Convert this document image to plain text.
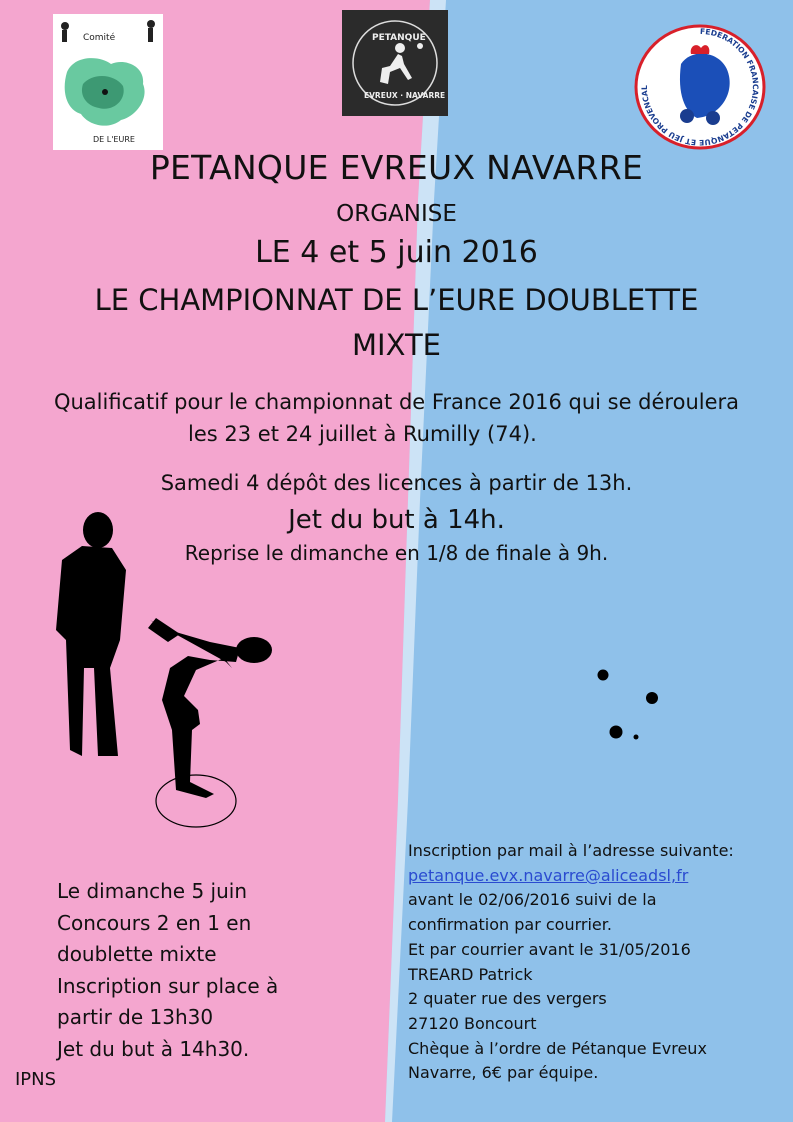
Comité
DE L'EURE
PETANQUE
EVREUX · NAVARRE
FEDERATION FRANCAISE DE PETANQUE ET JEU PROVENCAL
PETANQUE EVREUX NAVARRE
ORGANISE
LE 4 et 5 juin 2016
LE CHAMPIONNAT DE L’EURE DOUBLETTE
MIXTE
Qualificatif pour le championnat de France 2016 qui se déroulera
les 23 et 24 juillet à Rumilly (74).
Samedi 4 dépôt des licences à partir de 13h.
Jet du but à 14h.
Reprise le dimanche en 1/8 de finale à 9h.
Le dimanche 5 juin
Concours 2 en 1 en
doublette mixte
Inscription sur place à
partir de 13h30
Jet du but à 14h30.
IPNS
Inscription par mail à l’adresse suivante:
petanque.evx.navarre@aliceadsl,fr
avant le 02/06/2016 suivi de la
confirmation par courrier.
Et par courrier avant le 31/05/2016
TREARD Patrick
2 quater rue des vergers
27120 Boncourt
Chèque à l’ordre de Pétanque Evreux
Navarre, 6€ par équipe.
